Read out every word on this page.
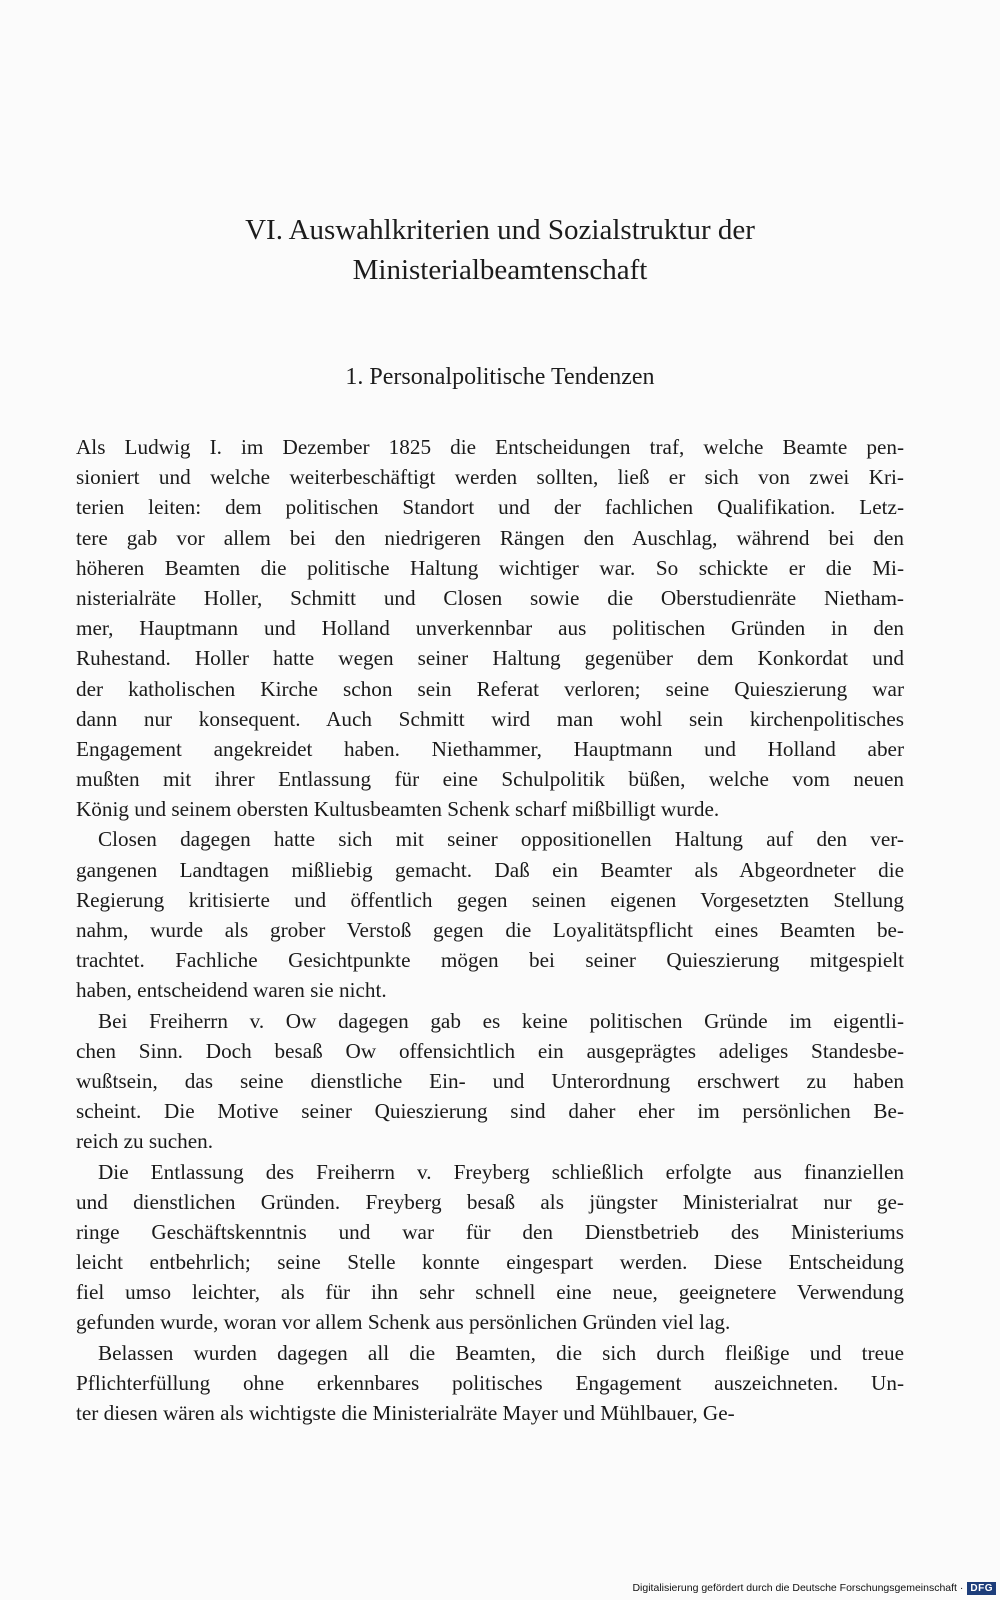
VI. Auswahlkriterien und Sozialstruktur der
Ministerialbeamtenschaft
1. Personalpolitische Tendenzen
Als Ludwig I. im Dezember 1825 die Entscheidungen traf, welche Beamte pen-
sioniert und welche weiterbeschäftigt werden sollten, ließ er sich von zwei Kri-
terien leiten: dem politischen Standort und der fachlichen Qualifikation. Letz-
tere gab vor allem bei den niedrigeren Rängen den Auschlag, während bei den
höheren Beamten die politische Haltung wichtiger war. So schickte er die Mi-
nisterialräte Holler, Schmitt und Closen sowie die Oberstudienräte Nietham-
mer, Hauptmann und Holland unverkennbar aus politischen Gründen in den
Ruhestand. Holler hatte wegen seiner Haltung gegenüber dem Konkordat und
der katholischen Kirche schon sein Referat verloren; seine Quieszierung war
dann nur konsequent. Auch Schmitt wird man wohl sein kirchenpolitisches
Engagement angekreidet haben. Niethammer, Hauptmann und Holland aber
mußten mit ihrer Entlassung für eine Schulpolitik büßen, welche vom neuen
König und seinem obersten Kultusbeamten Schenk scharf mißbilligt wurde.
Closen dagegen hatte sich mit seiner oppositionellen Haltung auf den ver-
gangenen Landtagen mißliebig gemacht. Daß ein Beamter als Abgeordneter die
Regierung kritisierte und öffentlich gegen seinen eigenen Vorgesetzten Stellung
nahm, wurde als grober Verstoß gegen die Loyalitätspflicht eines Beamten be-
trachtet. Fachliche Gesichtpunkte mögen bei seiner Quieszierung mitgespielt
haben, entscheidend waren sie nicht.
Bei Freiherrn v. Ow dagegen gab es keine politischen Gründe im eigentli-
chen Sinn. Doch besaß Ow offensichtlich ein ausgeprägtes adeliges Standesbe-
wußtsein, das seine dienstliche Ein- und Unterordnung erschwert zu haben
scheint. Die Motive seiner Quieszierung sind daher eher im persönlichen Be-
reich zu suchen.
Die Entlassung des Freiherrn v. Freyberg schließlich erfolgte aus finanziellen
und dienstlichen Gründen. Freyberg besaß als jüngster Ministerialrat nur ge-
ringe Geschäftskenntnis und war für den Dienstbetrieb des Ministeriums
leicht entbehrlich; seine Stelle konnte eingespart werden. Diese Entscheidung
fiel umso leichter, als für ihn sehr schnell eine neue, geeignetere Verwendung
gefunden wurde, woran vor allem Schenk aus persönlichen Gründen viel lag.
Belassen wurden dagegen all die Beamten, die sich durch fleißige und treue
Pflichterfüllung ohne erkennbares politisches Engagement auszeichneten. Un-
ter diesen wären als wichtigste die Ministerialräte Mayer und Mühlbauer, Ge-
Digitalisierung gefördert durch die Deutsche Forschungsgemeinschaft · DFG
